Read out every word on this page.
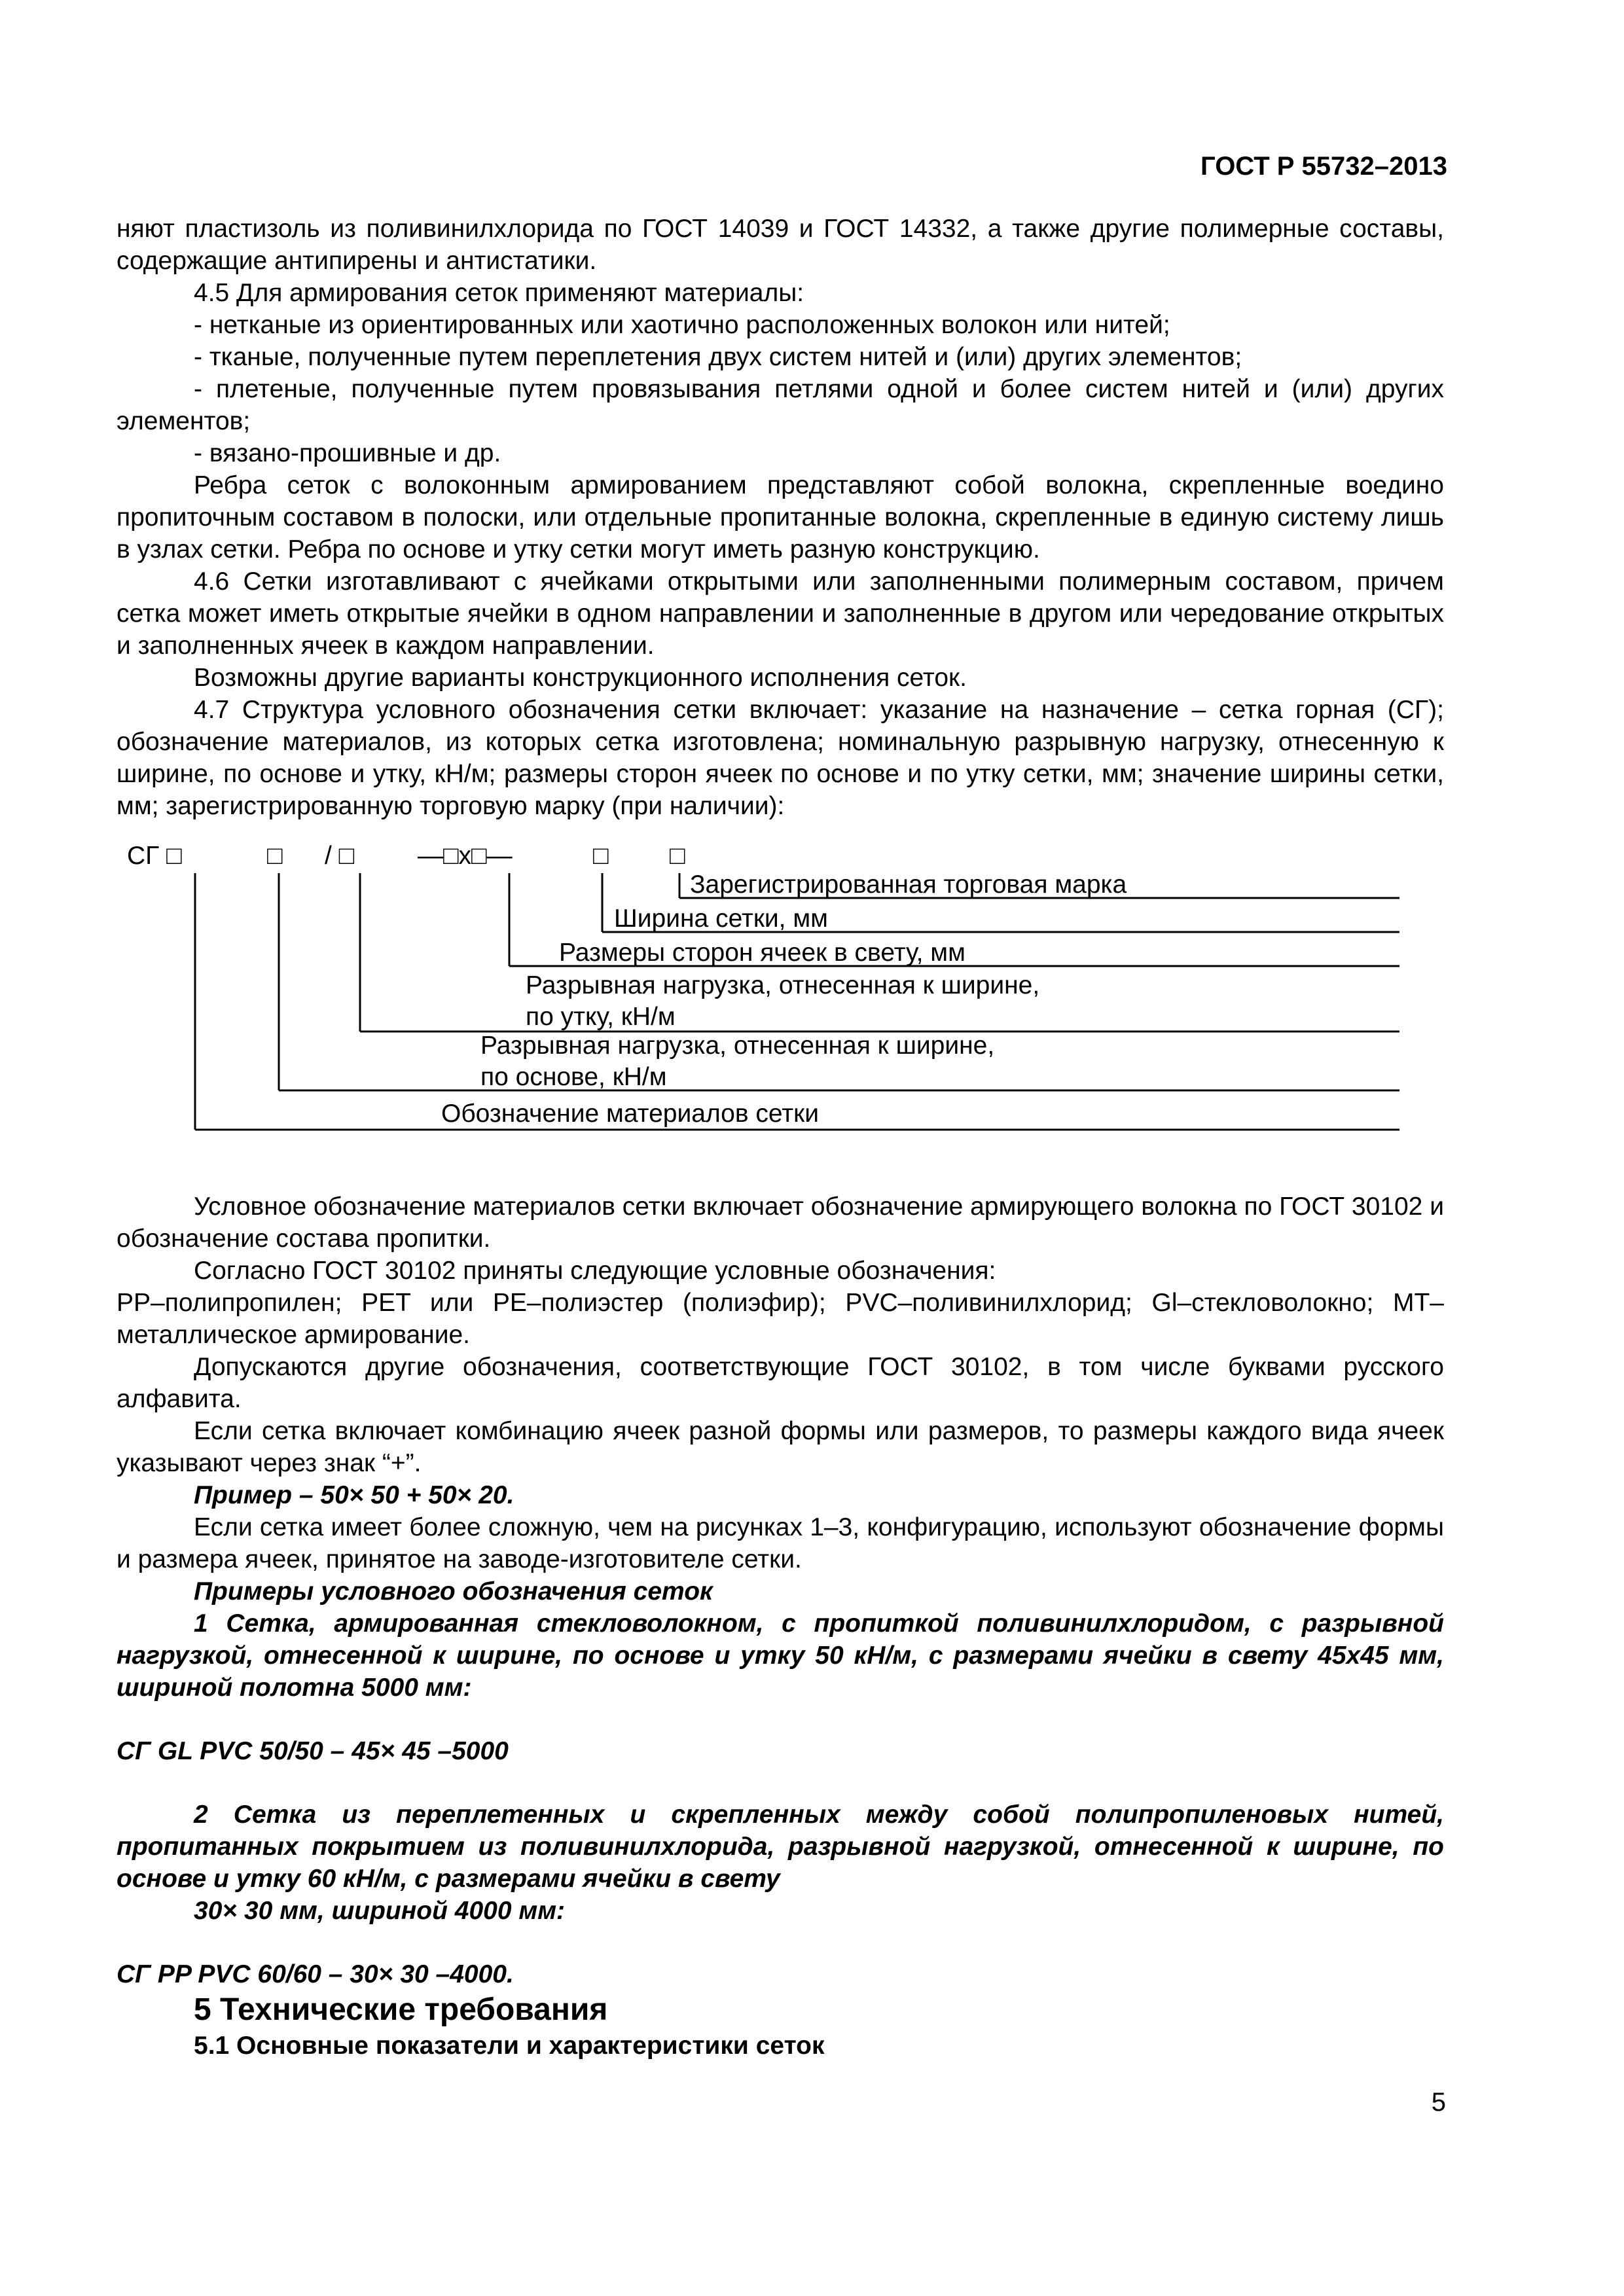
ГОСТ Р 55732–2013

няют пластизоль из поливинилхлорида по ГОСТ 14039 и ГОСТ 14332, а также другие полимерные составы, содержащие антипирены и антистатики.

4.5 Для армирования сеток применяют материалы:

- нетканые из ориентированных или хаотично расположенных волокон или нитей;

- тканые, полученные путем переплетения двух систем нитей и (или) других элементов;

- плетеные, полученные путем провязывания петлями одной и более систем нитей и (или) других элементов;

- вязано-прошивные и др.

Ребра сеток с волоконным армированием представляют собой волокна, скрепленные воедино пропиточным составом в полоски, или отдельные пропитанные волокна, скрепленные в единую систему лишь в узлах сетки. Ребра по основе и утку сетки могут иметь разную конструкцию.

4.6 Сетки изготавливают с ячейками открытыми или заполненными полимерным составом, причем сетка может иметь открытые ячейки в одном направлении и заполненные в другом или чередование открытых и заполненных ячеек в каждом направлении.

Возможны другие варианты конструкционного исполнения сеток.

4.7 Структура условного обозначения сетки включает: указание на назначение – сетка горная (СГ); обозначение материалов, из которых сетка изготовлена; номинальную разрывную нагрузку, отнесенную к ширине, по основе и утку, кН/м; размеры сторон ячеек по основе и по утку сетки, мм; значение ширины сетки, мм; зарегистрированную торговую марку (при наличии):

СГ □	□ / □ —□х□—	□ □
Зарегистрированная торговая марка
Ширина сетки, мм
Размеры сторон ячеек в свету, мм
Разрывная нагрузка, отнесенная к ширине,
по утку, кН/м
Разрывная нагрузка, отнесенная к ширине,
по основе, кН/м
Обозначение материалов сетки

Условное обозначение материалов сетки включает обозначение армирующего волокна по ГОСТ 30102 и обозначение состава пропитки.

Согласно ГОСТ 30102 приняты следующие условные обозначения:

РР–полипропилен; PET или PE–полиэстер (полиэфир); PVC–поливинилхлорид; Gl–стекловолокно; MT–металлическое армирование.

Допускаются другие обозначения, соответствующие ГОСТ 30102, в том числе буквами русского алфавита.

Если сетка включает комбинацию ячеек разной формы или размеров, то размеры каждого вида ячеек указывают через знак “+”.

Пример – 50× 50 + 50× 20.

Если сетка имеет более сложную, чем на рисунках 1–3, конфигурацию, используют обозначение формы и размера ячеек, принятое на заводе-изготовителе сетки.

Примеры условного обозначения сеток

1 Сетка, армированная стекловолокном, с пропиткой поливинилхлоридом, с разрывной нагрузкой, отнесенной к ширине, по основе и утку 50 кН/м, с размерами ячейки в свету 45х45 мм, шириной полотна 5000 мм:

СГ GL PVC 50/50 – 45× 45 –5000

2 Сетка из переплетенных и скрепленных между собой полипропиленовых нитей, пропитанных покрытием из поливинилхлорида, разрывной нагрузкой, отнесенной к ширине, по основе и утку 60 кН/м, с размерами ячейки в свету

30× 30 мм, шириной 4000 мм:

СГ PP PVC 60/60 – 30× 30 –4000.

5 Технические требования

5.1 Основные показатели и характеристики сеток

5
